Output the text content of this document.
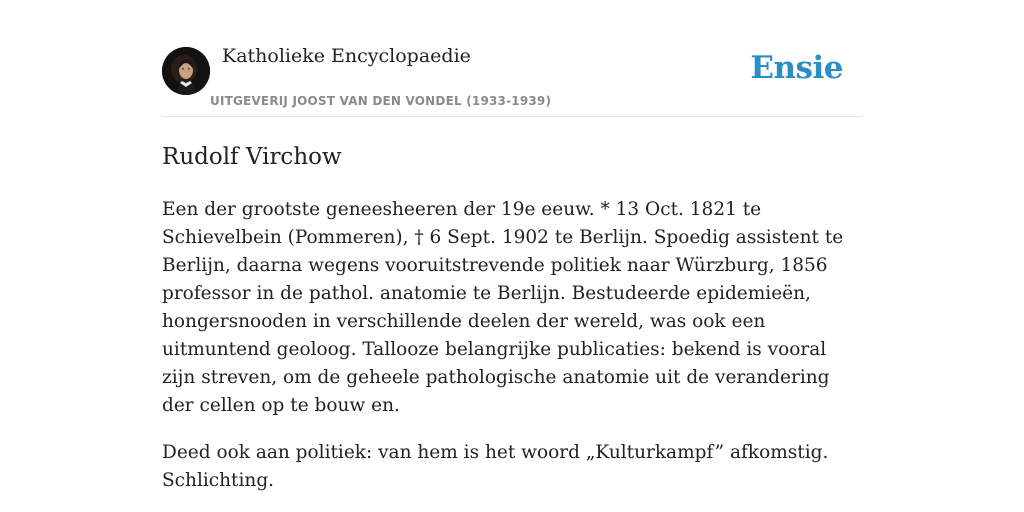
Katholieke Encyclopaedie
UITGEVERIJ JOOST VAN DEN VONDEL (1933-1939)
Ensie
Rudolf Virchow

Een der grootste geneesheeren der 19e eeuw. * 13 Oct. 1821 te Schievelbein (Pommeren), † 6 Sept. 1902 te Berlijn. Spoedig assistent te Berlijn, daarna wegens vooruitstrevende politiek naar Würzburg, 1856 professor in de pathol. anatomie te Berlijn. Bestudeerde epidemieën, hongersnooden in verschillende deelen der wereld, was ook een uitmuntend geoloog. Tallooze belangrijke publicaties: bekend is vooral zijn streven, om de geheele pathologische anatomie uit de verandering der cellen op te bouw en.

Deed ook aan politiek: van hem is het woord „Kulturkampf” afkomstig. Schlichting.
